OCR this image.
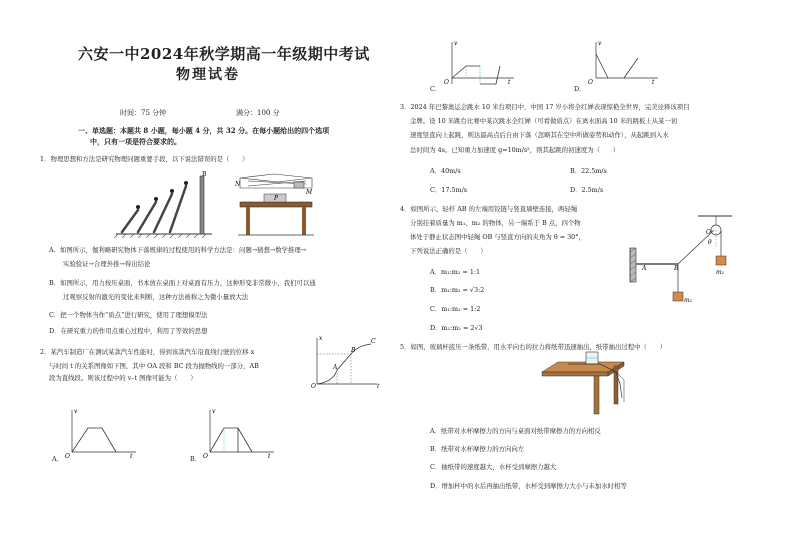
六安一中2024年秋学期高一年级期中考试
物理试卷
时间：75 分钟	满分：100 分
一、单选题：本题共 8 小题，每小题 4 分，共 32 分。在每小题给出的四个选项
中，只有一项是符合要求的。
1．物理思想和方法是研究物理问题重要手段，以下说法错误的是（　　）
B
N
M
P
A．如图所示，伽利略研究物体下落规律的过程使用的科学方法是：问题→猜想→数学推理→
实验验证→合理外推→得出结论
B．如图所示，用力按压桌面，书本放在桌面上对桌面有压力，这种形变非常微小，我们可以通
过观察反射的激光的变化来判断，这种方法被称之为微小量放大法
C．把一个物体当作“质点”进行研究，使用了理想模型法
D．在研究重力的作用点重心过程中，利用了等效的思想
2．某汽车制造厂在测试某款汽车性能时，得到该款汽车沿直线行驶的位移 x
与时间 t 的关系图像如下图，其中 OA 段和 BC 段为抛物线的一部分，AB
段为直线段。则该过程中的 v–t 图像可能为（　　）
x
t
O
A
B
C
v
t
O
A．
v
t
O
B．
v
t
O
C．
v
t
O
D．
3．2024 年巴黎奥运会跳水 10 米台项目中，中国 17 岁小将全红婵表现惊艳全世界，完美诠释该项目
金牌。设 10 米跳台比赛中某次跳水全红婵（可看做质点）在离水面高 10 米的跳板上从某一初
速度竖直向上起跳，则达最高点后自由下落（忽略其在空中所做姿势和动作），从起跳到入水
总时间为 4s。已知重力加速度 g=10m/s²，则其起跳的初速度为（　　）
A．40m/s	B．22.5m/s
C．17.5m/s	D．2.5m/s
4．如图所示，轻杆 AB 的左端用铰链与竖直墙壁连接，两轻绳
分别挂着质量为 m₁、m₂ 的物体，另一端系于 B 点，四个物
体处于静止状态图中轻绳 OB 与竖直方向的夹角为 θ = 30°，
下列说法正确的是（　　）
A	B
O
θ
m₁
m₂
A．m₁:m₂ = 1:1
B．m₁:m₂ = √3:2
C．m₁:m₂ = 1:2
D．m₁:m₂ = 2√3
5．如图，玻璃杯底压一条纸带，用水平向右的拉力将纸带迅速抽出，纸带抽出过程中（　　）
A．纸带对水杯摩擦力的方向与桌面对纸带摩擦力的方向相反
B．纸带对水杯摩擦力的方向向左
C．抽纸带的速度越大，水杯受到摩擦力越大
D．增加杯中的水后再抽出纸带，水杯受到摩擦力大小与未加水时相等
